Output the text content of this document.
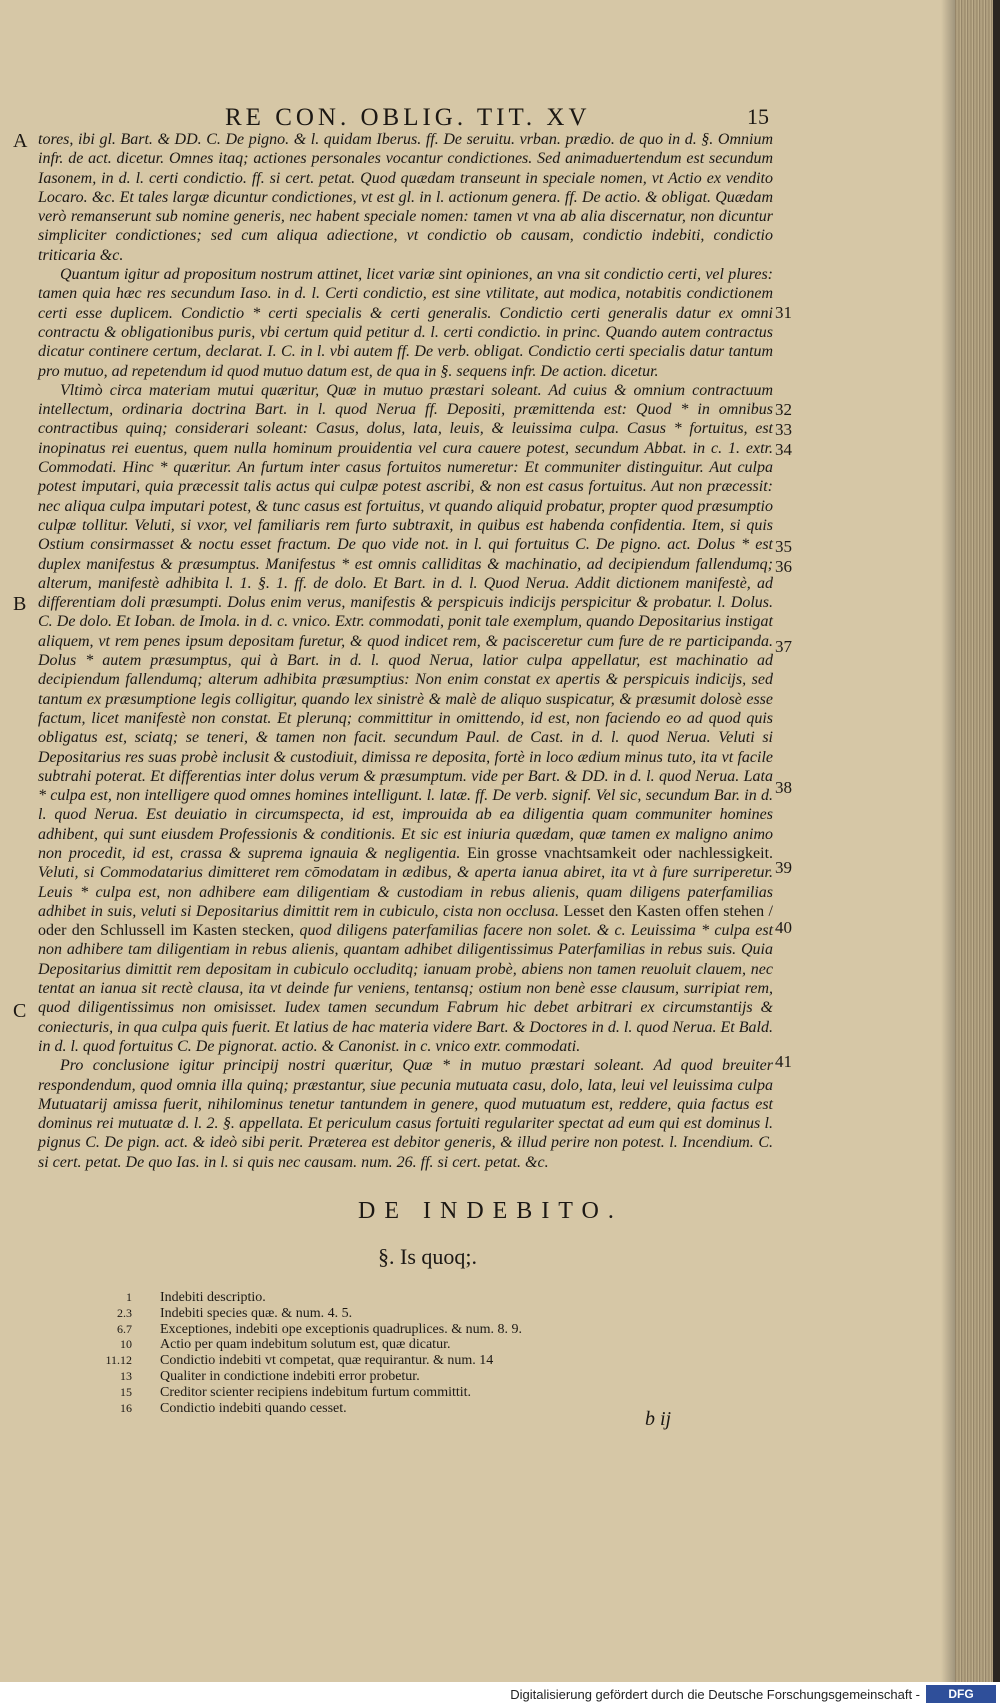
RE CON. OBLIG. TIT. XV	15
A
B
C
31
32
33
34
35
36
37
38
39
40
41

tores, ibi gl. Bart. & DD. C. De pigno. & l. quidam Iberus. ff. De seruitu. vrban. prædio. de quo in d. §. Omnium infr. de act. dicetur. Omnes itaq; actiones personales vocantur condictiones. Sed animaduertendum est secundum Iasonem, in d. l. certi condictio. ff. si cert. petat. Quod quædam transeunt in speciale nomen, vt Actio ex vendito Locaro. &c. Et tales largæ dicuntur condictiones, vt est gl. in l. actionum genera. ff. De actio. & obligat. Quædam verò remanserunt sub nomine generis, nec habent speciale nomen: tamen vt vna ab alia discernatur, non dicuntur simpliciter condictiones; sed cum aliqua adiectione, vt condictio ob causam, condictio indebiti, condictio triticaria &c.

Quantum igitur ad propositum nostrum attinet, licet variæ sint opiniones, an vna sit condictio certi, vel plures: tamen quia hæc res secundum Iaso. in d. l. Certi condictio, est sine vtilitate, aut modica, notabitis condictionem certi esse duplicem. Condictio * certi specialis & certi generalis. Condictio certi generalis datur ex omni contractu & obligationibus puris, vbi certum quid petitur d. l. certi condictio. in princ. Quando autem contractus dicatur continere certum, declarat. I. C. in l. vbi autem ff. De verb. obligat. Condictio certi specialis datur tantum pro mutuo, ad repetendum id quod mutuo datum est, de qua in §. sequens infr. De action. dicetur.

Vltimò circa materiam mutui quæritur, Quæ in mutuo præstari soleant. Ad cuius & omnium contractuum intellectum, ordinaria doctrina Bart. in l. quod Nerua ff. Depositi, præmittenda est: Quod * in omnibus contractibus quinq; considerari soleant: Casus, dolus, lata, leuis, & leuissima culpa. Casus * fortuitus, est inopinatus rei euentus, quem nulla hominum prouidentia vel cura cauere potest, secundum Abbat. in c. 1. extr. Commodati. Hinc * quæritur. An furtum inter casus fortuitos numeretur: Et communiter distinguitur. Aut culpa potest imputari, quia præcessit talis actus qui culpæ potest ascribi, & non est casus fortuitus. Aut non præcessit: nec aliqua culpa imputari potest, & tunc casus est fortuitus, vt quando aliquid probatur, propter quod præsumptio culpæ tollitur. Veluti, si vxor, vel familiaris rem furto subtraxit, in quibus est habenda confidentia. Item, si quis Ostium consirmasset & noctu esset fractum. De quo vide not. in l. qui fortuitus C. De pigno. act. Dolus * est duplex manifestus & præsumptus. Manifestus * est omnis calliditas & machinatio, ad decipiendum fallendumq; alterum, manifestè adhibita l. 1. §. 1. ff. de dolo. Et Bart. in d. l. Quod Nerua. Addit dictionem manifestè, ad differentiam doli præsumpti. Dolus enim verus, manifestis & perspicuis indicijs perspicitur & probatur. l. Dolus. C. De dolo. Et Ioban. de Imola. in d. c. vnico. Extr. commodati, ponit tale exemplum, quando Depositarius instigat aliquem, vt rem penes ipsum depositam furetur, & quod indicet rem, & pacisceretur cum fure de re participanda. Dolus * autem præsumptus, qui à Bart. in d. l. quod Nerua, latior culpa appellatur, est machinatio ad decipiendum fallendumq; alterum adhibita præsumptius: Non enim constat ex apertis & perspicuis indicijs, sed tantum ex præsumptione legis colligitur, quando lex sinistrè & malè de aliquo suspicatur, & præsumit dolosè esse factum, licet manifestè non constat. Et plerunq; committitur in omittendo, id est, non faciendo eo ad quod quis obligatus est, sciatq; se teneri, & tamen non facit. secundum Paul. de Cast. in d. l. quod Nerua. Veluti si Depositarius res suas probè inclusit & custodiuit, dimissa re deposita, fortè in loco ædium minus tuto, ita vt facile subtrahi poterat. Et differentias inter dolus verum & præsumptum. vide per Bart. & DD. in d. l. quod Nerua. Lata * culpa est, non intelligere quod omnes homines intelligunt. l. latæ. ff. De verb. signif. Vel sic, secundum Bar. in d. l. quod Nerua. Est deuiatio in circumspecta, id est, improuida ab ea diligentia quam communiter homines adhibent, qui sunt eiusdem Professionis & conditionis. Et sic est iniuria quædam, quæ tamen ex maligno animo non procedit, id est, crassa & suprema ignauia & negligentia. Ein grosse vnachtsamkeit oder nachlessigkeit. Veluti, si Commodatarius dimitteret rem cōmodatam in ædibus, & aperta ianua abiret, ita vt à fure surriperetur. Leuis * culpa est, non adhibere eam diligentiam & custodiam in rebus alienis, quam diligens paterfamilias adhibet in suis, veluti si Depositarius dimittit rem in cubiculo, cista non occlusa. Lesset den Kasten offen stehen / oder den Schlussell im Kasten stecken, quod diligens paterfamilias facere non solet. & c. Leuissima * culpa est non adhibere tam diligentiam in rebus alienis, quantam adhibet diligentissimus Paterfamilias in rebus suis. Quia Depositarius dimittit rem depositam in cubiculo occluditq; ianuam probè, abiens non tamen reuoluit clauem, nec tentat an ianua sit rectè clausa, ita vt deinde fur veniens, tentansq; ostium non benè esse clausum, surripiat rem, quod diligentissimus non omisisset. Iudex tamen secundum Fabrum hic debet arbitrari ex circumstantijs & coniecturis, in qua culpa quis fuerit. Et latius de hac materia videre Bart. & Doctores in d. l. quod Nerua. Et Bald. in d. l. quod fortuitus C. De pignorat. actio. & Canonist. in c. vnico extr. commodati.

Pro conclusione igitur principij nostri quæritur, Quæ * in mutuo præstari soleant. Ad quod breuiter respondendum, quod omnia illa quinq; præstantur, siue pecunia mutuata casu, dolo, lata, leui vel leuissima culpa Mutuatarij amissa fuerit, nihilominus tenetur tantundem in genere, quod mutuatum est, reddere, quia factus est dominus rei mutuatæ d. l. 2. §. appellata. Et periculum casus fortuiti regulariter spectat ad eum qui est dominus l. pignus C. De pign. act. & ideò sibi perit. Præterea est debitor generis, & illud perire non potest. l. Incendium. C. si cert. petat. De quo Ias. in l. si quis nec causam. num. 26. ff. si cert. petat. &c.

DE INDEBITO.
§. Is quoq;.
1	Indebiti descriptio.
2.3	Indebiti species quæ. & num. 4. 5.
6.7	Exceptiones, indebiti ope exceptionis quadruplices. & num. 8. 9.
10	Actio per quam indebitum solutum est, quæ dicatur.
11.12	Condictio indebiti vt competat, quæ requirantur. & num. 14
13	Qualiter in condictione indebiti error probetur.
15	Creditor scienter recipiens indebitum furtum committit.
16	Condictio indebiti quando cesset.	b ij
Digitalisierung gefördert durch die Deutsche Forschungsgemeinschaft -	DFG
